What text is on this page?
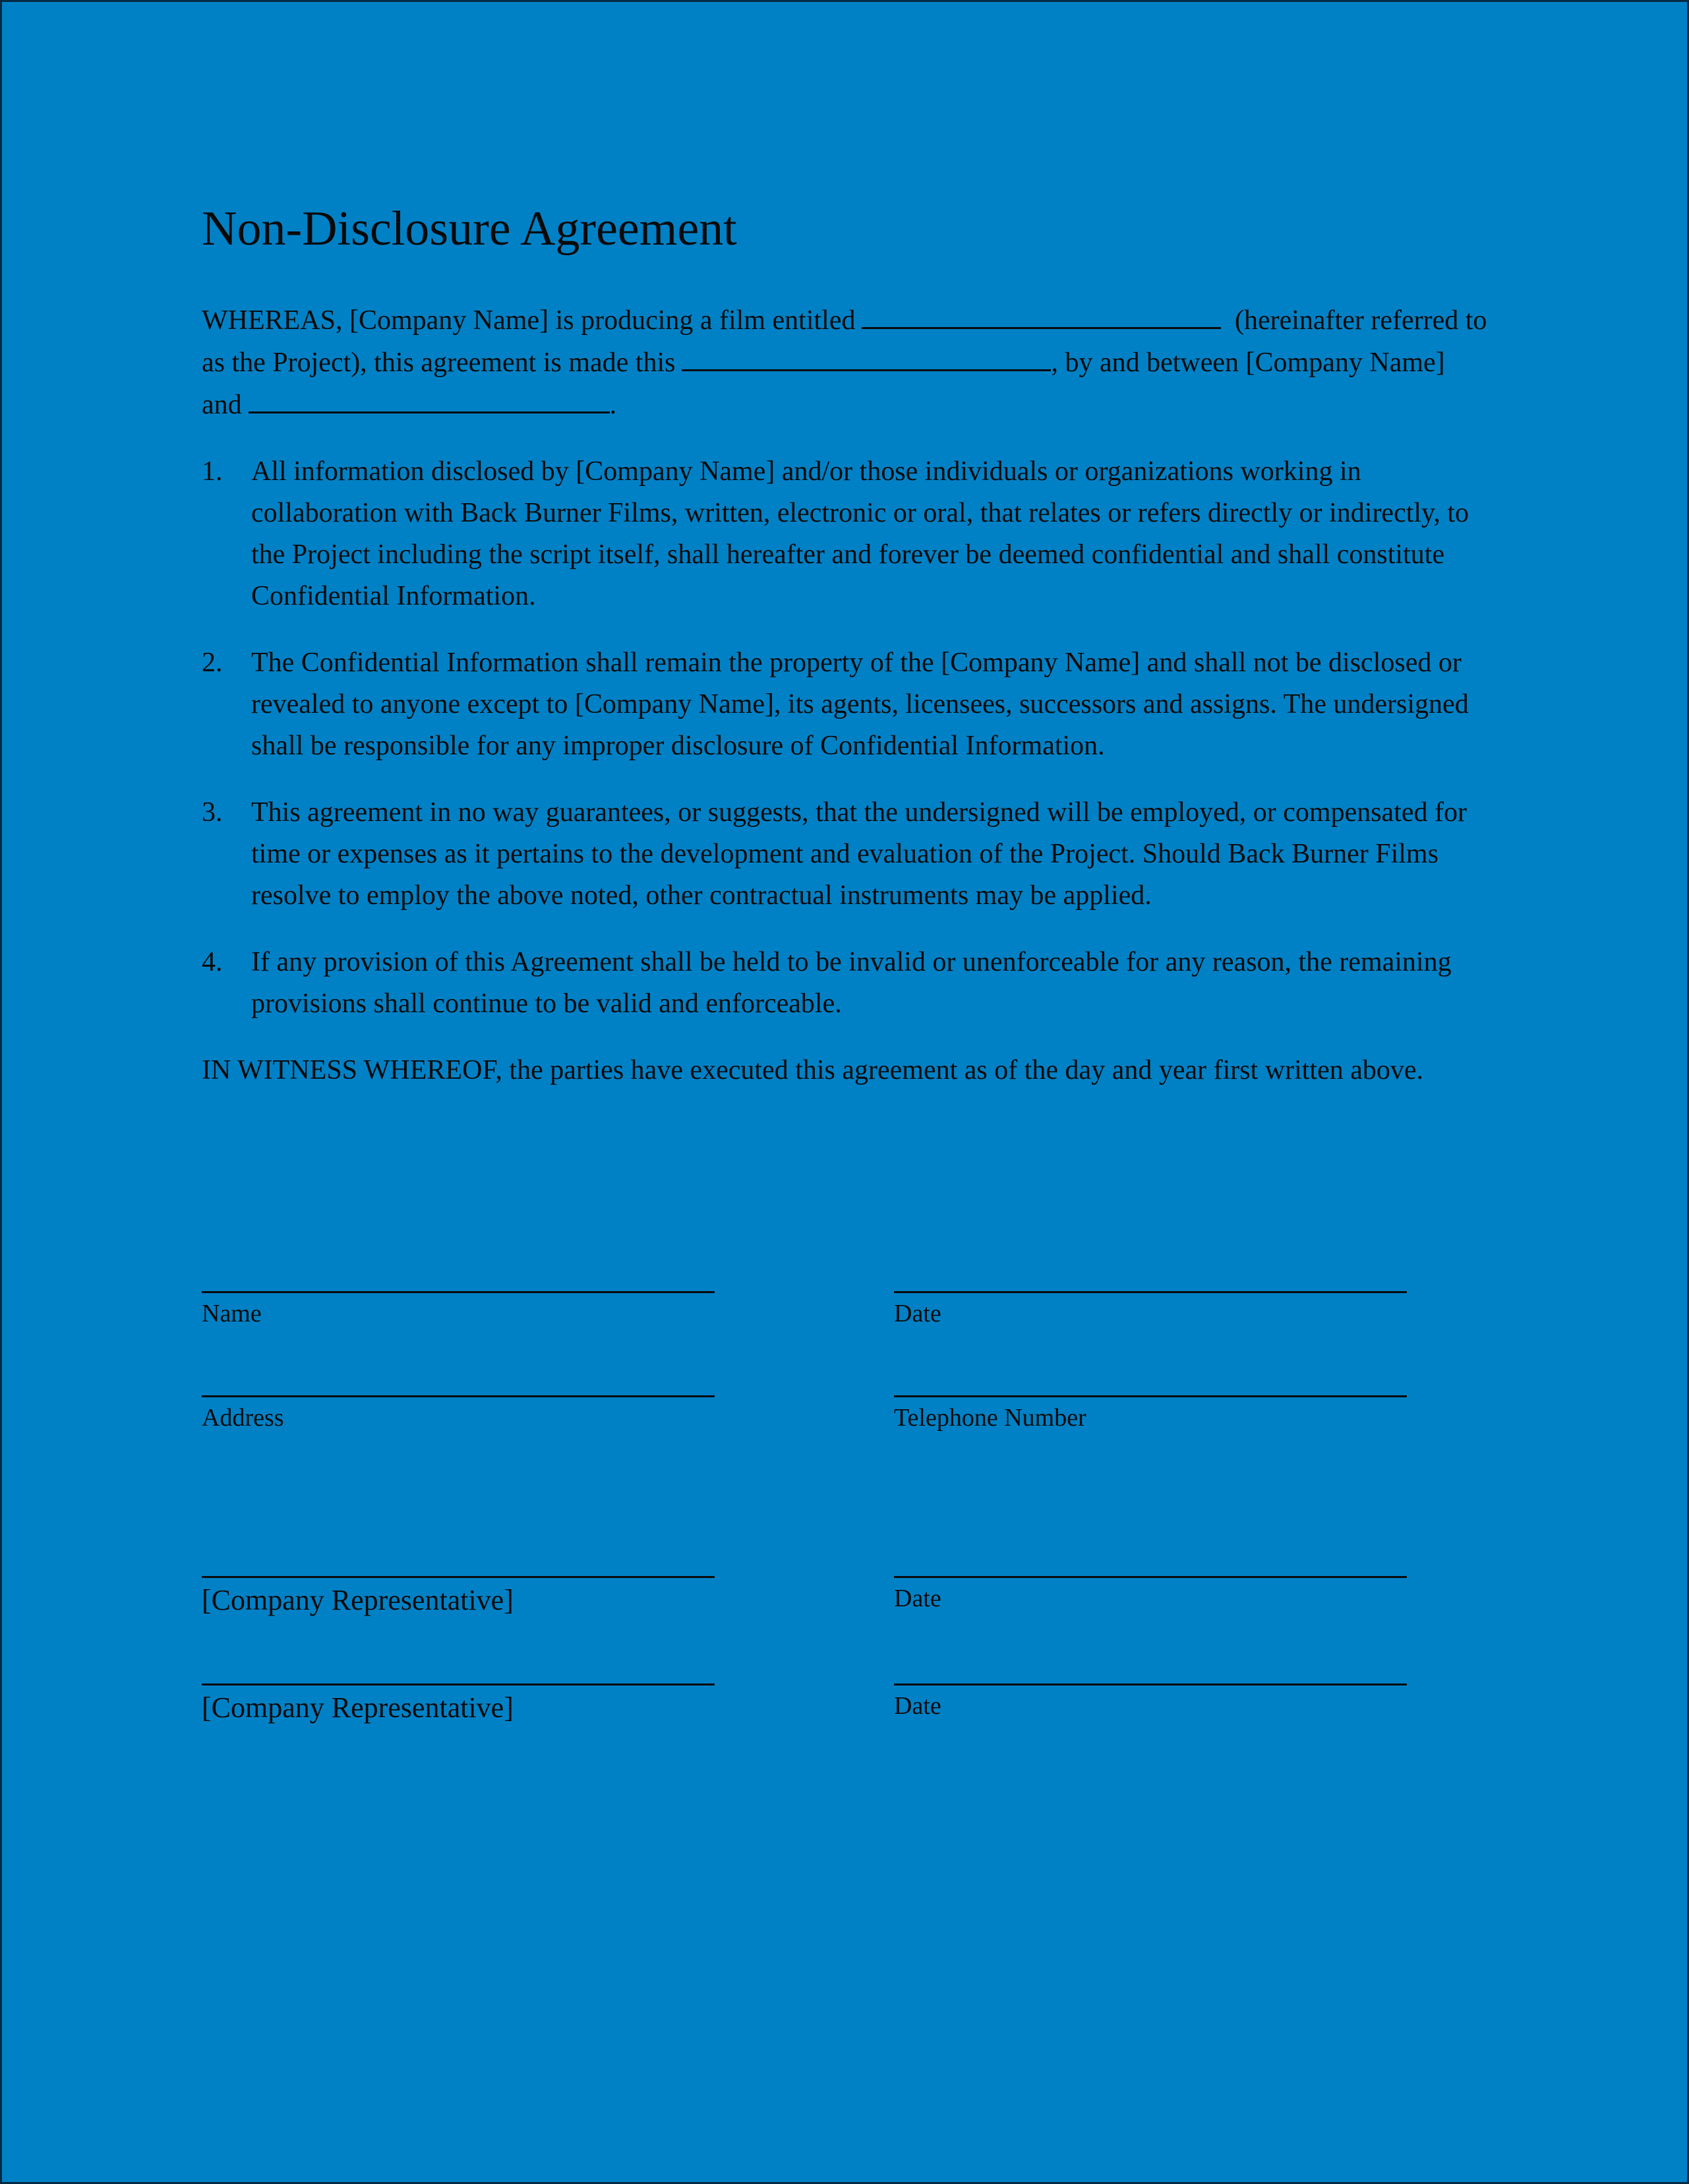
Non-Disclosure Agreement

WHEREAS, [Company Name] is producing a film entitled	(hereinafter referred to as the Project), this agreement is made this	, by and between [Company Name] and	.

1. All information disclosed by [Company Name] and/or those individuals or organizations working in collaboration with Back Burner Films, written, electronic or oral, that relates or refers directly or indirectly, to the Project including the script itself, shall hereafter and forever be deemed confidential and shall constitute Confidential Information.
2. The Confidential Information shall remain the property of the [Company Name] and shall not be disclosed or revealed to anyone except to [Company Name], its agents, licensees, successors and assigns. The undersigned shall be responsible for any improper disclosure of Confidential Information.
3. This agreement in no way guarantees, or suggests, that the undersigned will be employed, or compensated for time or expenses as it pertains to the development and evaluation of the Project. Should Back Burner Films resolve to employ the above noted, other contractual instruments may be applied.
4. If any provision of this Agreement shall be held to be invalid or unenforceable for any reason, the remaining provisions shall continue to be valid and enforceable.

IN WITNESS WHEREOF, the parties have executed this agreement as of the day and year first written above.

Name	Date
Address	Telephone Number
[Company Representative]	Date
[Company Representative]	Date
